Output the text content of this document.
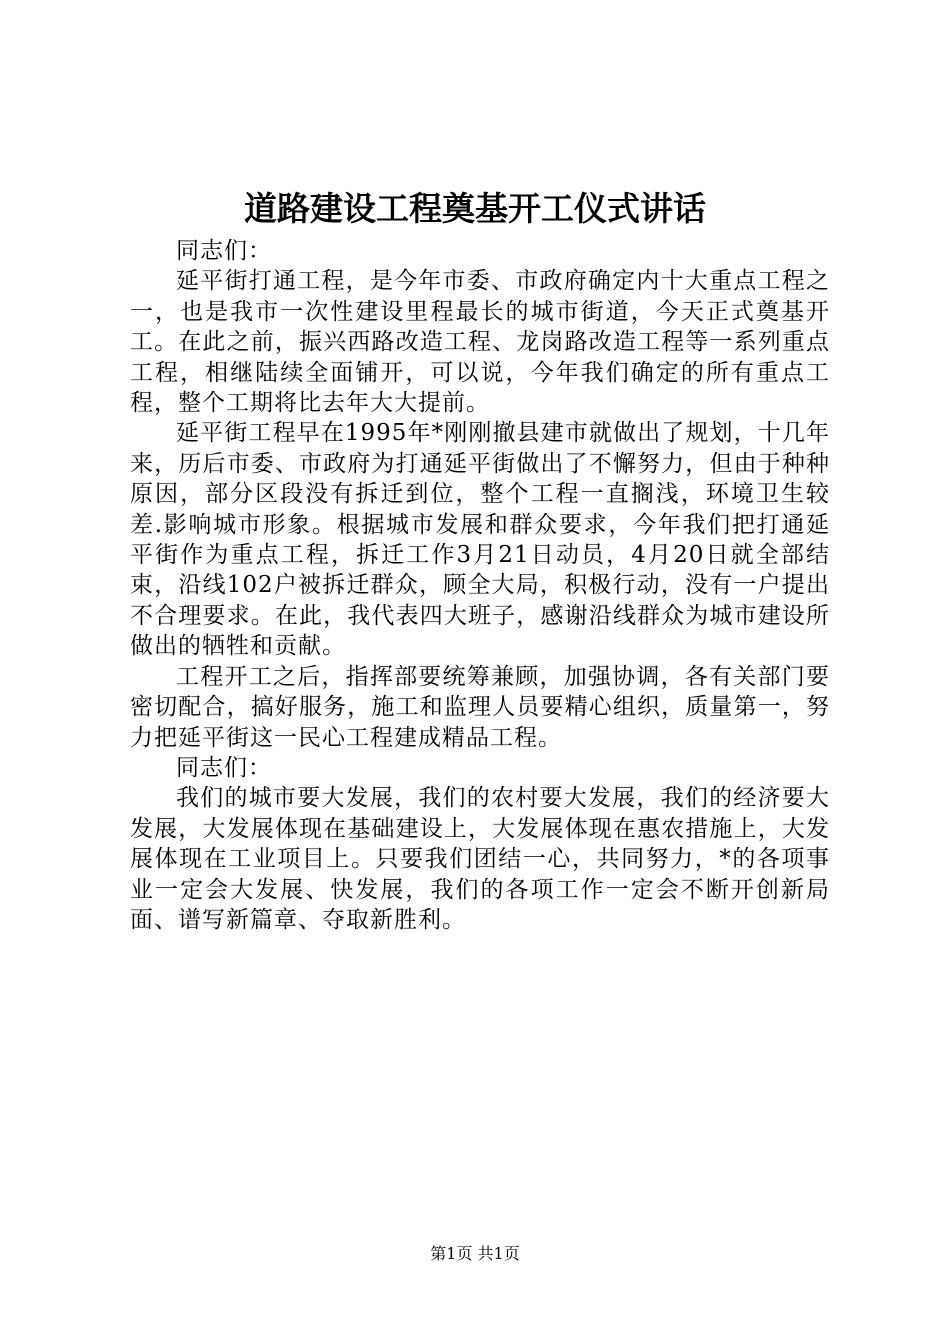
道路建设工程奠基开工仪式讲话

同志们：

延平街打通工程，是今年市委、市政府确定内十大重点工程之一，也是我市一次性建设里程最长的城市街道，今天正式奠基开工。在此之前，振兴西路改造工程、龙岗路改造工程等一系列重点工程，相继陆续全面铺开，可以说，今年我们确定的所有重点工程，整个工期将比去年大大提前。

延平街工程早在1995年*刚刚撤县建市就做出了规划，十几年来，历后市委、市政府为打通延平街做出了不懈努力，但由于种种原因，部分区段没有拆迁到位，整个工程一直搁浅，环境卫生较差.影响城市形象。根据城市发展和群众要求，今年我们把打通延平街作为重点工程，拆迁工作3月21日动员，4月20日就全部结束，沿线102户被拆迁群众，顾全大局，积极行动，没有一户提出不合理要求。在此，我代表四大班子，感谢沿线群众为城市建设所做出的牺牲和贡献。

工程开工之后，指挥部要统筹兼顾，加强协调，各有关部门要密切配合，搞好服务，施工和监理人员要精心组织，质量第一，努力把延平街这一民心工程建成精品工程。

同志们：

我们的城市要大发展，我们的农村要大发展，我们的经济要大发展，大发展体现在基础建设上，大发展体现在惠农措施上，大发展体现在工业项目上。只要我们团结一心，共同努力，*的各项事业一定会大发展、快发展，我们的各项工作一定会不断开创新局面、谱写新篇章、夺取新胜利。

第1页 共1页
